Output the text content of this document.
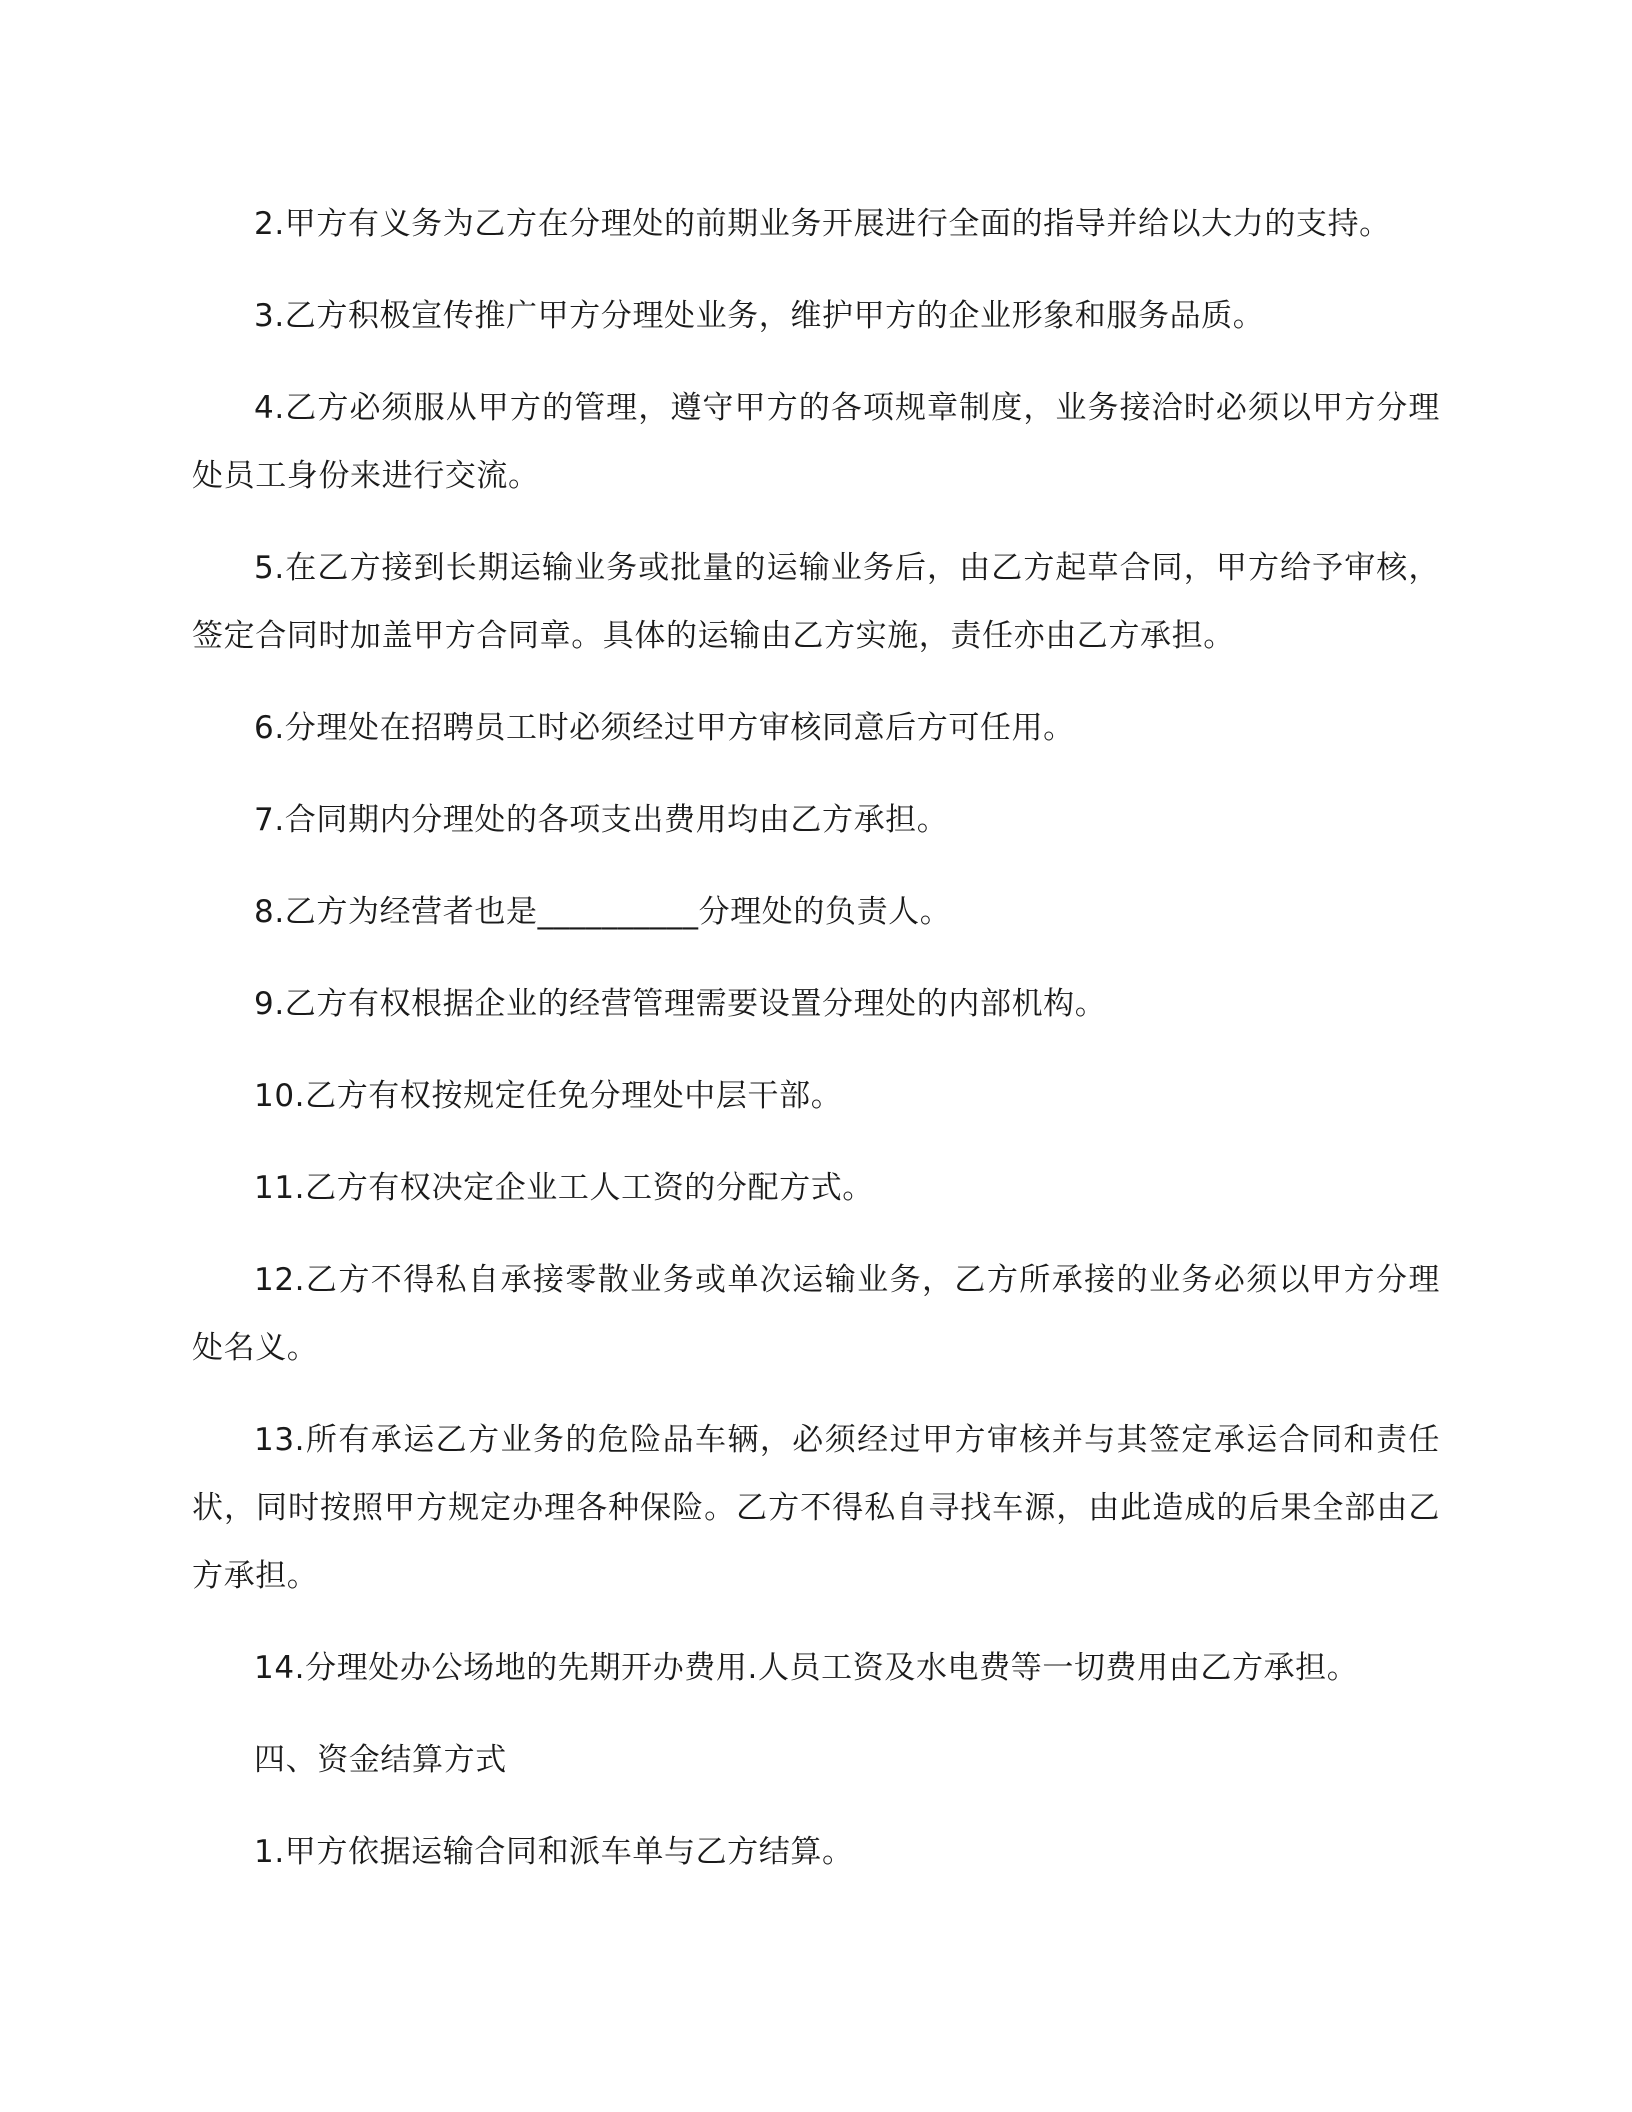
2.甲方有义务为乙方在分理处的前期业务开展进行全面的指导并给以大力的支持。

3.乙方积极宣传推广甲方分理处业务，维护甲方的企业形象和服务品质。

4.乙方必须服从甲方的管理，遵守甲方的各项规章制度，业务接洽时必须以甲方分理处员工身份来进行交流。

5.在乙方接到长期运输业务或批量的运输业务后，由乙方起草合同，甲方给予审核，签定合同时加盖甲方合同章。具体的运输由乙方实施，责任亦由乙方承担。

6.分理处在招聘员工时必须经过甲方审核同意后方可任用。

7.合同期内分理处的各项支出费用均由乙方承担。

8.乙方为经营者也是__________分理处的负责人。

9.乙方有权根据企业的经营管理需要设置分理处的内部机构。

10.乙方有权按规定任免分理处中层干部。

11.乙方有权决定企业工人工资的分配方式。

12.乙方不得私自承接零散业务或单次运输业务，乙方所承接的业务必须以甲方分理处名义。

13.所有承运乙方业务的危险品车辆，必须经过甲方审核并与其签定承运合同和责任状，同时按照甲方规定办理各种保险。乙方不得私自寻找车源，由此造成的后果全部由乙方承担。

14.分理处办公场地的先期开办费用.人员工资及水电费等一切费用由乙方承担。

四、资金结算方式

1.甲方依据运输合同和派车单与乙方结算。
